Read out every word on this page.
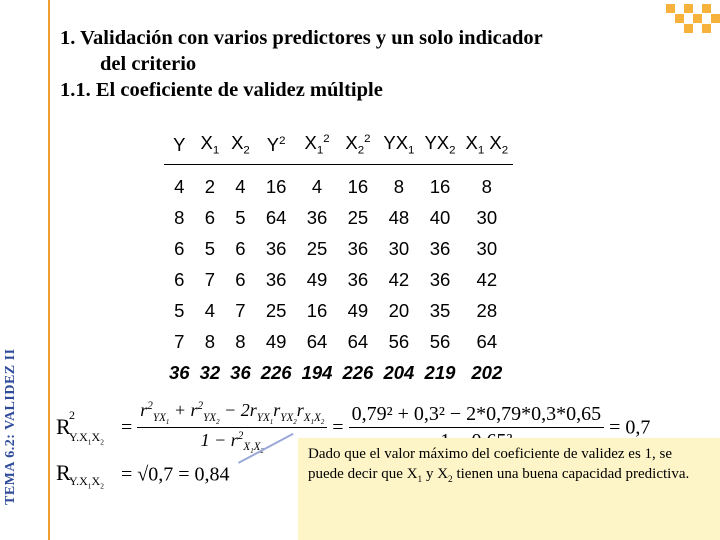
TEMA 6.2: VALIDEZ II
1. Validación con varios predictores y un solo indicador
del criterio
1.1. El coeficiente de validez múltiple
Y	$X_1$	$X_2$	$Y^2$	$X_1^2$	$X_2^2$	$YX_1$	$YX_2$	$X_1$ $X_2$
4	2	4	16	4	16	8	16	8
8	6	5	64	36	25	48	40	30
6	5	6	36	25	36	30	36	30
6	7	6	36	49	36	42	36	42
5	4	7	25	16	49	20	35	28
7	8	8	49	64	64	56	56	64
36	32	36	226	194	226	204	219	202
R
2
$Y.X_1X_2$
= $\frac{r^2_{YX_1} + r^2_{YX_2} - 2r_{YX_1}r_{YX_2}r_{X_1X_2}}{1 - r^2_{X_1X_2}}$ =
0,79² + 0,3² − 2*0,79*0,3*0,65
= 0,7
R
$Y.X_1X_2$
= √0,7 = 0,84
Dado que el valor máximo del coeficiente de validez es 1, se puede decir que $X_1$ y $X_2$ tienen una buena capacidad predictiva.
